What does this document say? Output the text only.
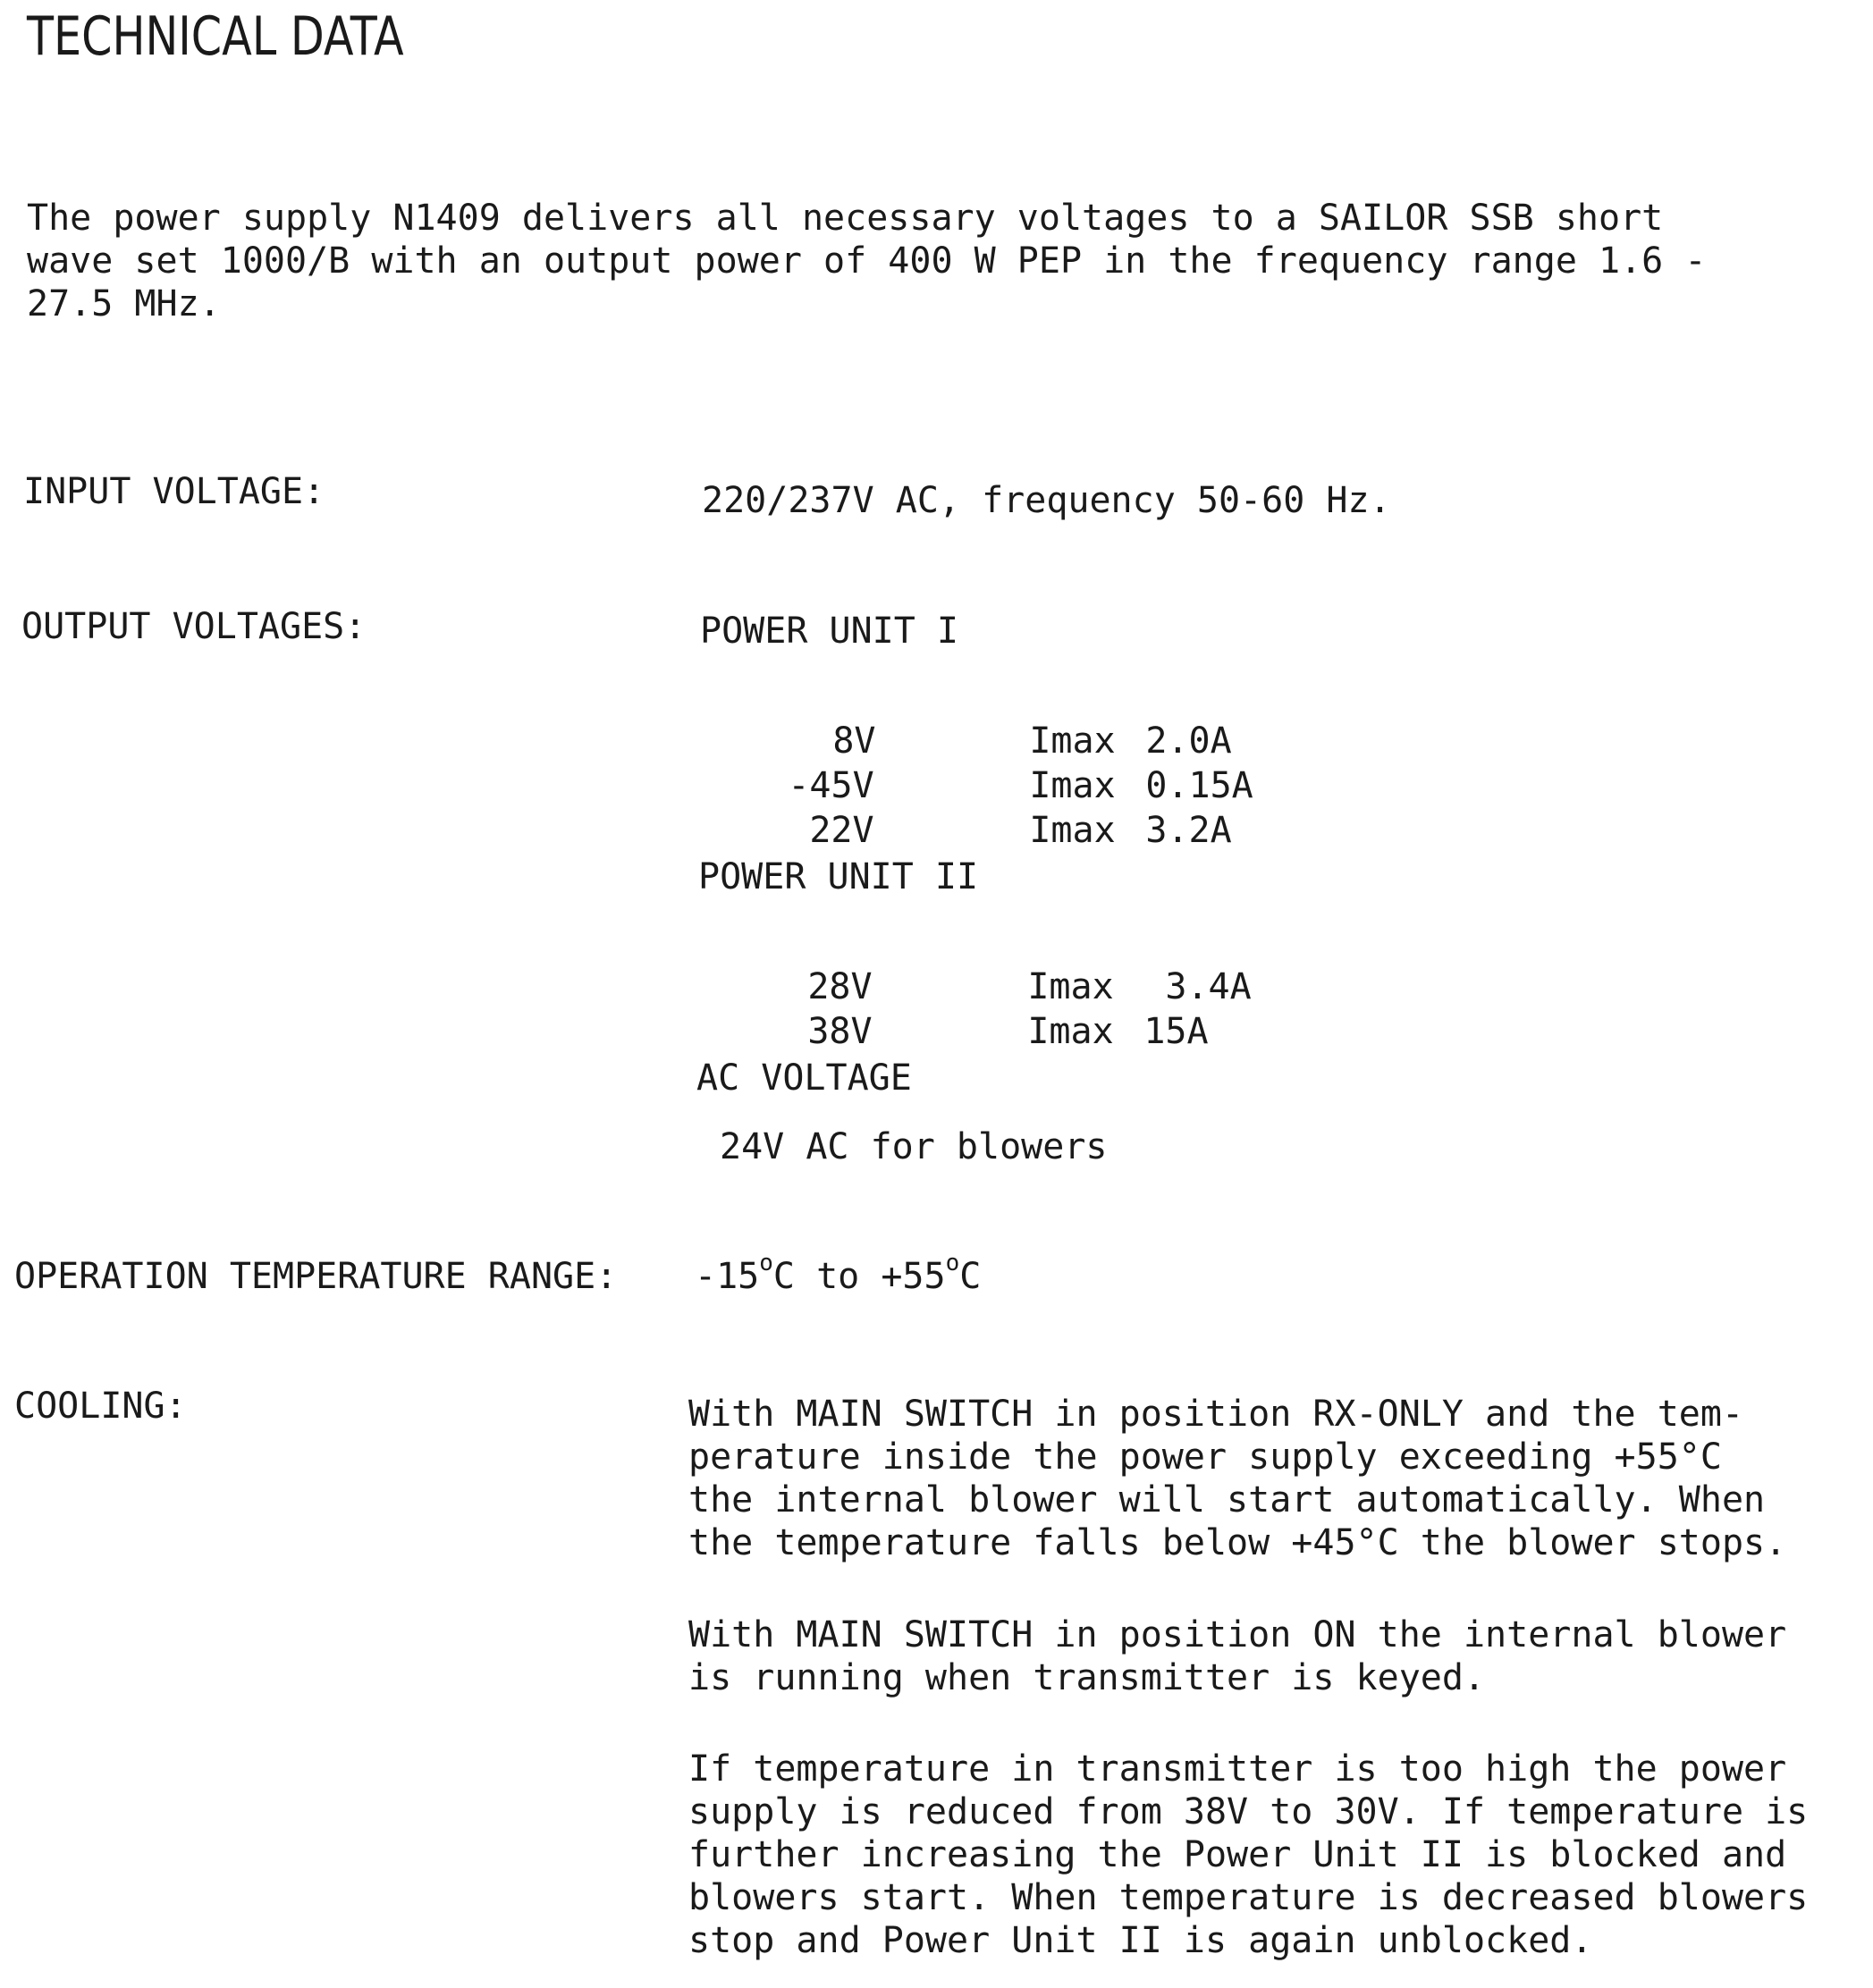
TECHNICAL DATA
The power supply N1409 delivers all necessary voltages to a SAILOR SSB short
wave set 1000/B with an output power of 400 W PEP in the frequency range 1.6 -
27.5 MHz.
INPUT VOLTAGE:	220/237V AC, frequency 50-60 Hz.
OUTPUT VOLTAGES:	POWER UNIT I

8V	Imax 2.0A

-45V	Imax 0.15A

22V	Imax 3.2A

POWER UNIT II

28V	Imax 3.4A

38V	Imax 15A

AC VOLTAGE
24V AC for blowers
OPERATION TEMPERATURE RANGE: -15$^o$C to $+55^oC$
COOLING:	With MAIN SWITCH in position RX-ONLY and the tem-
perature inside the power supply exceeding +55°C
the internal blower will start automatically. When
the temperature falls below +45°C the blower stops.
With MAIN SWITCH in position ON the internal blower
is running when transmitter is keyed.
If temperature in transmitter is too high the power
supply is reduced from 38V to 30V. If temperature is
further increasing the Power Unit II is blocked and
blowers start. When temperature is decreased blowers
stop and Power Unit II is again unblocked.
